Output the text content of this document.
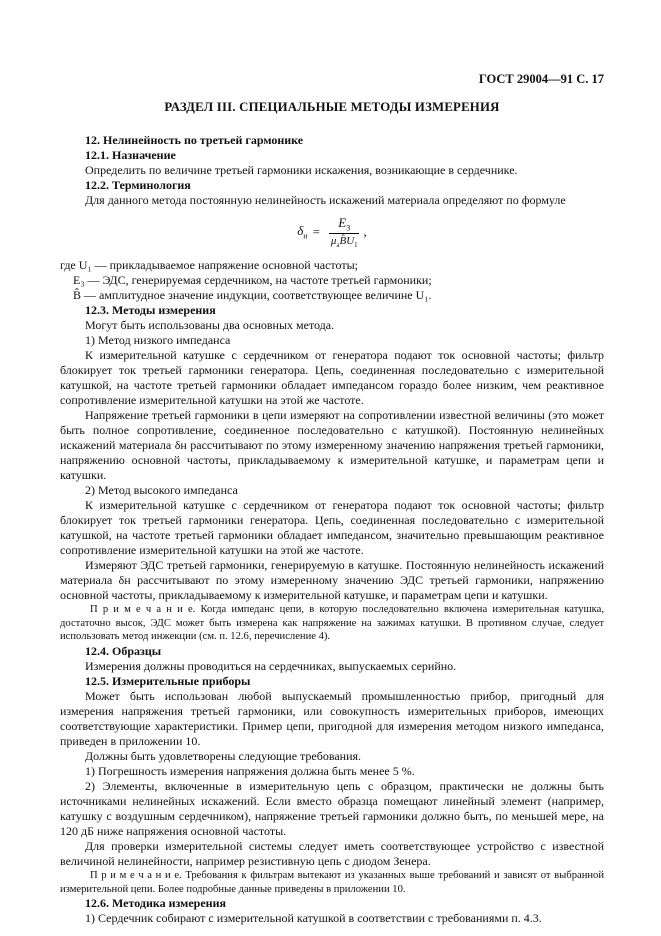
ГОСТ 29004—91 С. 17

РАЗДЕЛ III. СПЕЦИАЛЬНЫЕ МЕТОДЫ ИЗМЕРЕНИЯ

12. Нелинейность по третьей гармонике

12.1. Назначение

Определить по величине третьей гармоники искажения, возникающие в сердечнике.

12.2. Терминология

Для данного метода постоянную нелинейность искажений материала определяют по формуле

$\delta_н = \frac{E_3}{\mu_аB̂U_1}$ ,

где U₁ — прикладываемое напряжение основной частоты;

E₃ — ЭДС, генерируемая сердечником, на частоте третьей гармоники;

B̂ — амплитудное значение индукции, соответствующее величине U₁.

12.3. Методы измерения

Могут быть использованы два основных метода.

1) Метод низкого импеданса

К измерительной катушке с сердечником от генератора подают ток основной частоты; фильтр блокирует ток третьей гармоники генератора. Цепь, соединенная последовательно с измерительной катушкой, на частоте третьей гармоники обладает импедансом гораздо более низким, чем реактивное сопротивление измерительной катушки на этой же частоте.

Напряжение третьей гармоники в цепи измеряют на сопротивлении известной величины (это может быть полное сопротивление, соединенное последовательно с катушкой). Постоянную нелинейных искажений материала δн рассчитывают по этому измеренному значению напряжения третьей гармоники, напряжению основной частоты, прикладываемому к измерительной катушке, и параметрам цепи и катушки.

2) Метод высокого импеданса

К измерительной катушке с сердечником от генератора подают ток основной частоты; фильтр блокирует ток третьей гармоники генератора. Цепь, соединенная последовательно с измерительной катушкой, на частоте третьей гармоники обладает импедансом, значительно превышающим реактивное сопротивление измерительной катушки на этой же частоте.

Измеряют ЭДС третьей гармоники, генерируемую в катушке. Постоянную нелинейность искажений материала δн рассчитывают по этому измеренному значению ЭДС третьей гармоники, напряжению основной частоты, прикладываемому к измерительной катушке, и параметрам цепи и катушки.

П р и м е ч а н и е. Когда импеданс цепи, в которую последовательно включена измерительная катушка, достаточно высок, ЭДС может быть измерена как напряжение на зажимах катушки. В противном случае, следует использовать метод инжекции (см. п. 12.6, перечисление 4).

12.4. Образцы

Измерения должны проводиться на сердечниках, выпускаемых серийно.

12.5. Измерительные приборы

Может быть использован любой выпускаемый промышленностью прибор, пригодный для измерения напряжения третьей гармоники, или совокупность измерительных приборов, имеющих соответствующие характеристики. Пример цепи, пригодной для измерения методом низкого импеданса, приведен в приложении 10.

Должны быть удовлетворены следующие требования.

1) Погрешность измерения напряжения должна быть менее 5 %.

2) Элементы, включенные в измерительную цепь с образцом, практически не должны быть источниками нелинейных искажений. Если вместо образца помещают линейный элемент (например, катушку с воздушным сердечником), напряжение третьей гармоники должно быть, по меньшей мере, на 120 дБ ниже напряжения основной частоты.

Для проверки измерительной системы следует иметь соответствующее устройство с известной величиной нелинейности, например резистивную цепь с диодом Зенера.

П р и м е ч а н и е. Требования к фильтрам вытекают из указанных выше требований и зависят от выбранной измерительной цепи. Более подробные данные приведены в приложении 10.

12.6. Методика измерения

1) Сердечник собирают с измерительной катушкой в соответствии с требованиями п. 4.3.
